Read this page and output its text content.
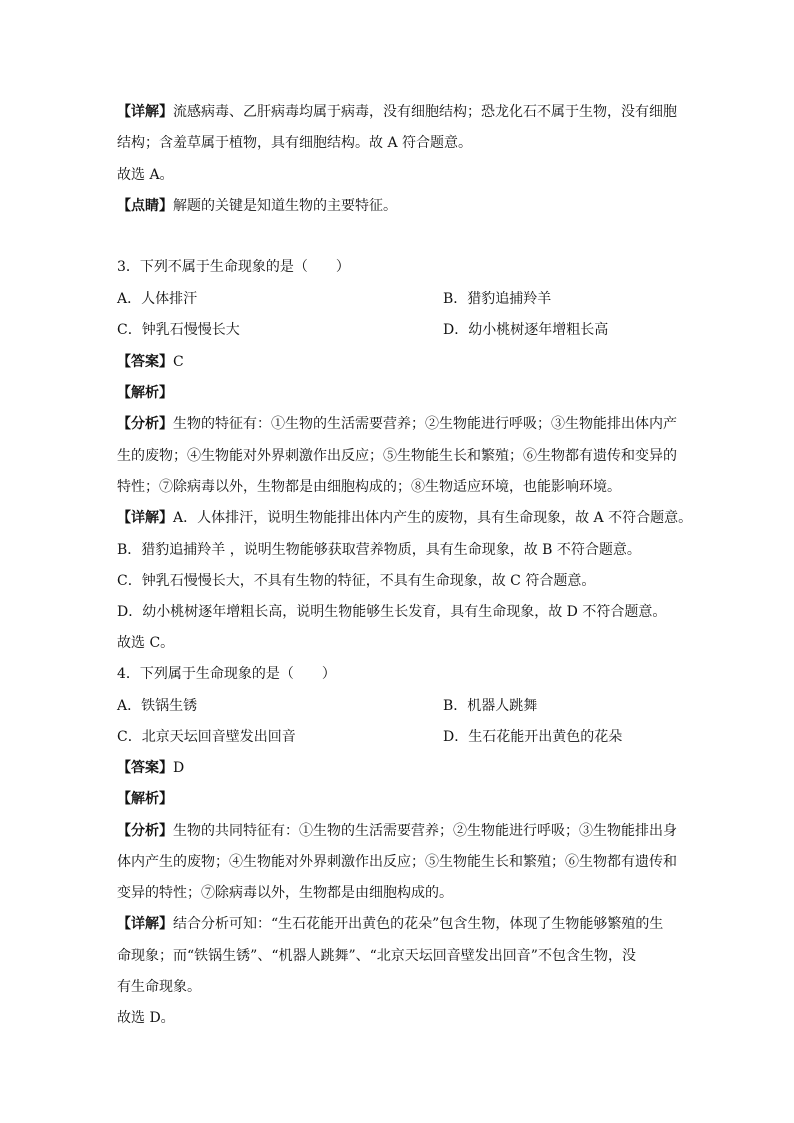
【详解】流感病毒、乙肝病毒均属于病毒，没有细胞结构；恐龙化石不属于生物，没有细胞
结构；含羞草属于植物，具有细胞结构。故 A 符合题意。
故选 A。
【点睛】解题的关键是知道生物的主要特征。
3．下列不属于生命现象的是（　　）
A．人体排汗	B．猎豹追捕羚羊
C．钟乳石慢慢长大	D．幼小桃树逐年增粗长高
【答案】C
【解析】
【分析】生物的特征有：①生物的生活需要营养；②生物能进行呼吸；③生物能排出体内产
生的废物；④生物能对外界刺激作出反应；⑤生物能生长和繁殖；⑥生物都有遗传和变异的
特性；⑦除病毒以外，生物都是由细胞构成的；⑧生物适应环境，也能影响环境。
【详解】A．人体排汗，说明生物能排出体内产生的废物，具有生命现象，故 A 不符合题意。
B．猎豹追捕羚羊 ，说明生物能够获取营养物质，具有生命现象，故 B 不符合题意。
C．钟乳石慢慢长大，不具有生物的特征，不具有生命现象，故 C 符合题意。
D．幼小桃树逐年增粗长高，说明生物能够生长发育，具有生命现象，故 D 不符合题意。
故选 C。
4．下列属于生命现象的是（　　）
A．铁锅生锈	B．机器人跳舞
C．北京天坛回音壁发出回音	D．生石花能开出黄色的花朵
【答案】D
【解析】
【分析】生物的共同特征有：①生物的生活需要营养；②生物能进行呼吸；③生物能排出身
体内产生的废物；④生物能对外界刺激作出反应；⑤生物能生长和繁殖；⑥生物都有遗传和
变异的特性；⑦除病毒以外，生物都是由细胞构成的。
【详解】结合分析可知：“生石花能开出黄色的花朵”包含生物，体现了生物能够繁殖的生
命现象；而“铁锅生锈”、“机器人跳舞”、“北京天坛回音壁发出回音”不包含生物，没
有生命现象。
故选 D。
